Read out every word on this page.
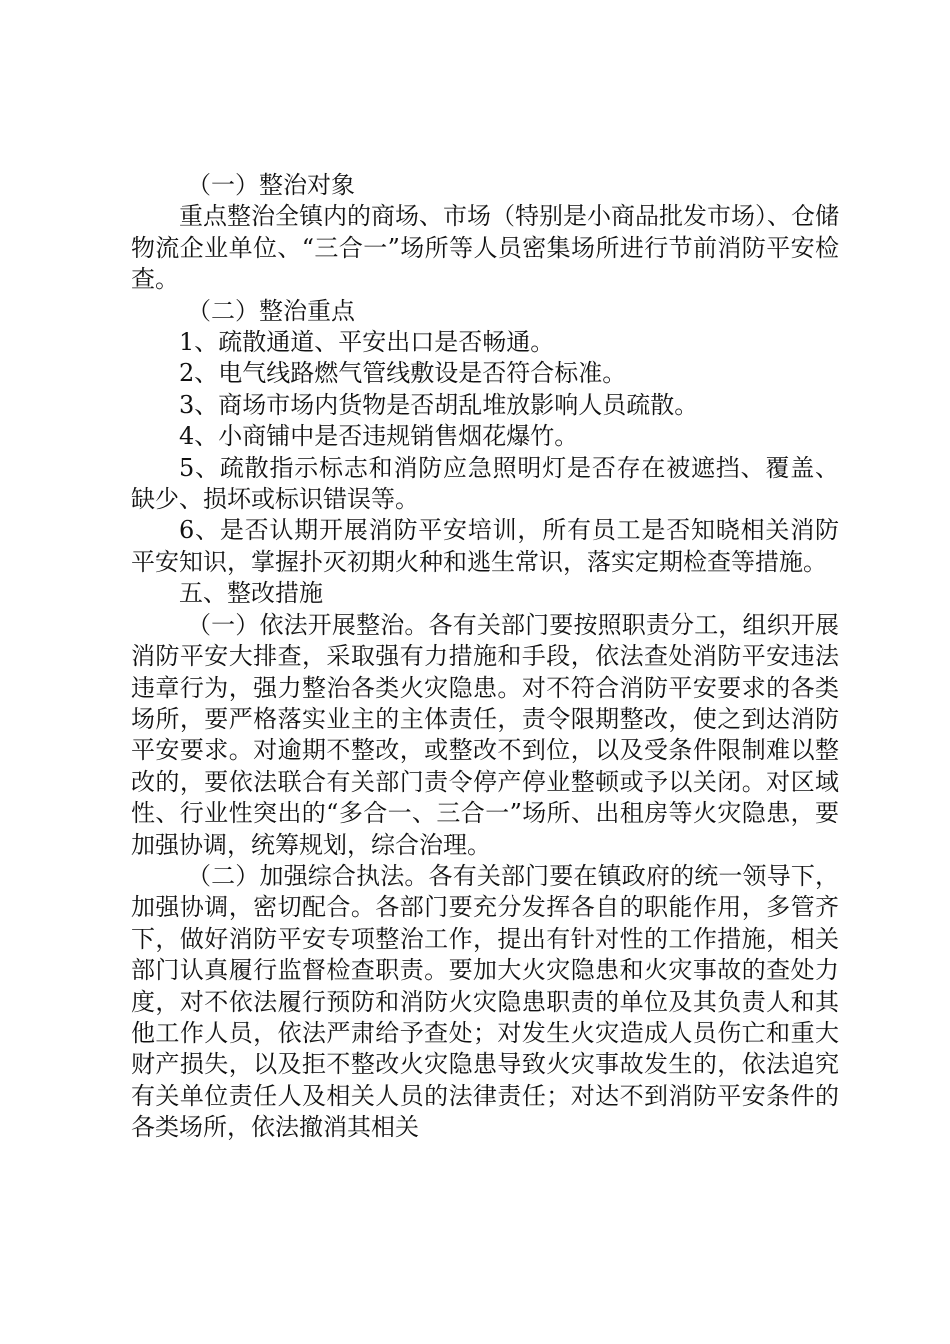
（一）整治对象

重点整治全镇内的商场、市场（特别是小商品批发市场）、仓储物流企业单位、“三合一”场所等人员密集场所进行节前消防平安检查。

（二）整治重点

1、疏散通道、平安出口是否畅通。

2、电气线路燃气管线敷设是否符合标准。

3、商场市场内货物是否胡乱堆放影响人员疏散。

4、小商铺中是否违规销售烟花爆竹。

5、疏散指示标志和消防应急照明灯是否存在被遮挡、覆盖、缺少、损坏或标识错误等。

6、是否认期开展消防平安培训，所有员工是否知晓相关消防平安知识，掌握扑灭初期火种和逃生常识，落实定期检查等措施。

五、整改措施

（一）依法开展整治。各有关部门要按照职责分工，组织开展消防平安大排查，采取强有力措施和手段，依法查处消防平安违法违章行为，强力整治各类火灾隐患。对不符合消防平安要求的各类场所，要严格落实业主的主体责任，责令限期整改，使之到达消防平安要求。对逾期不整改，或整改不到位，以及受条件限制难以整改的，要依法联合有关部门责令停产停业整顿或予以关闭。对区域性、行业性突出的“多合一、三合一”场所、出租房等火灾隐患，要加强协调，统筹规划，综合治理。

（二）加强综合执法。各有关部门要在镇政府的统一领导下，加强协调，密切配合。各部门要充分发挥各自的职能作用，多管齐下，做好消防平安专项整治工作，提出有针对性的工作措施，相关部门认真履行监督检查职责。要加大火灾隐患和火灾事故的查处力度，对不依法履行预防和消防火灾隐患职责的单位及其负责人和其他工作人员，依法严肃给予查处；对发生火灾造成人员伤亡和重大财产损失，以及拒不整改火灾隐患导致火灾事故发生的，依法追究有关单位责任人及相关人员的法律责任；对达不到消防平安条件的各类场所，依法撤消其相关
